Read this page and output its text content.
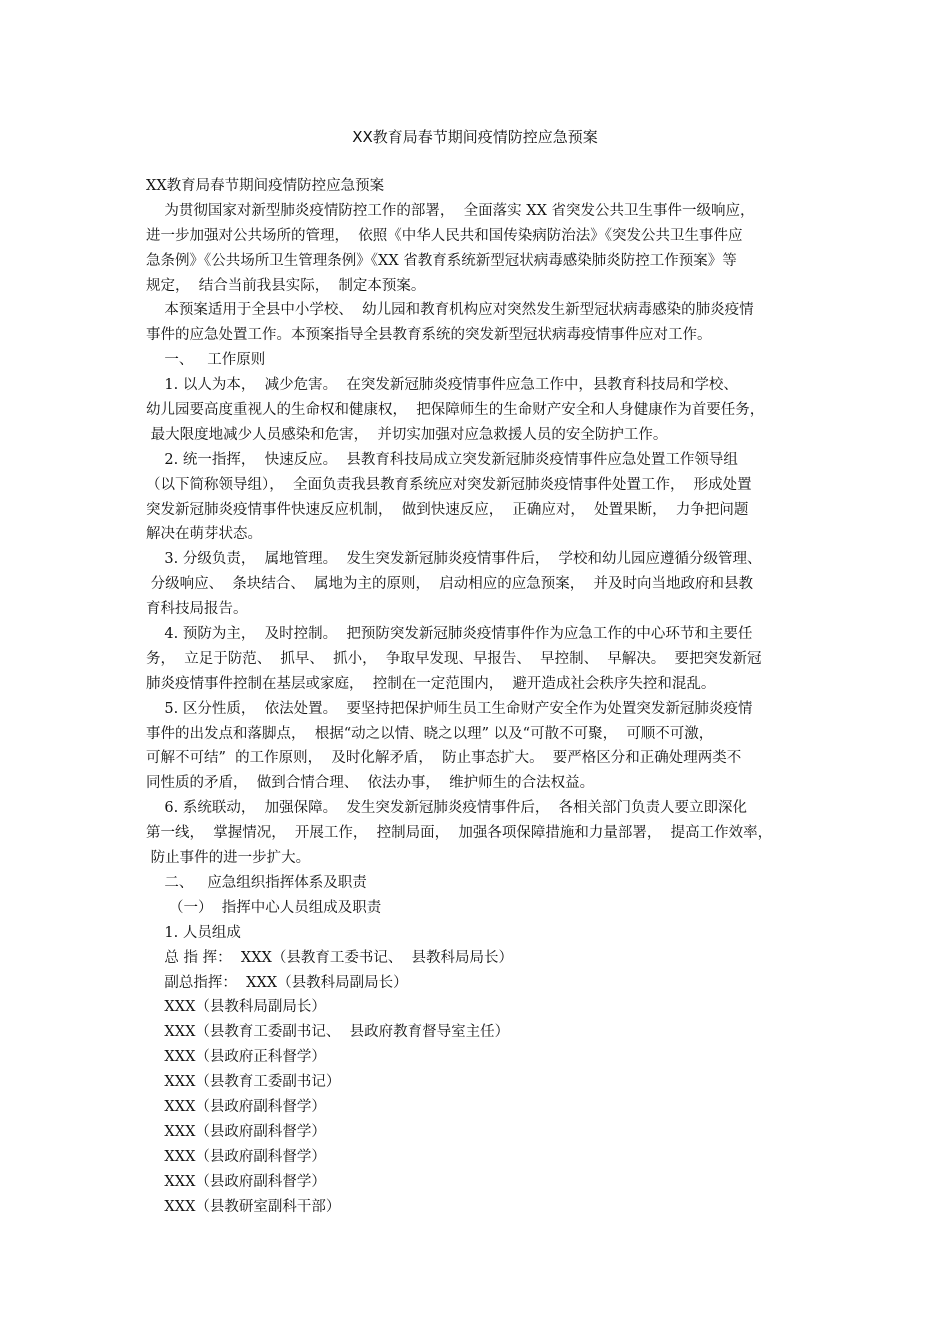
XX教育局春节期间疫情防控应急预案
XX教育局春节期间疫情防控应急预案
为贯彻国家对新型肺炎疫情防控工作的部署，  全面落实 XX 省突发公共卫生事件一级响应，
进一步加强对公共场所的管理，  依照《中华人民共和国传染病防治法》《突发公共卫生事件应
急条例》《公共场所卫生管理条例》《XX 省教育系统新型冠状病毒感染肺炎防控工作预案》等
规定，  结合当前我县实际，  制定本预案。
本预案适用于全县中小学校、  幼儿园和教育机构应对突然发生新型冠状病毒感染的肺炎疫情
事件的应急处置工作。本预案指导全县教育系统的突发新型冠状病毒疫情事件应对工作。
一、   工作原则
1. 以人为本，  减少危害。  在突发新冠肺炎疫情事件应急工作中，县教育科技局和学校、
幼儿园要高度重视人的生命权和健康权，  把保障师生的生命财产安全和人身健康作为首要任务，
最大限度地减少人员感染和危害，  并切实加强对应急救援人员的安全防护工作。
2. 统一指挥，  快速反应。  县教育科技局成立突发新冠肺炎疫情事件应急处置工作领导组
（以下简称领导组），  全面负责我县教育系统应对突发新冠肺炎疫情事件处置工作，  形成处置
突发新冠肺炎疫情事件快速反应机制，  做到快速反应，  正确应对，  处置果断，  力争把问题
解决在萌芽状态。
3. 分级负责，  属地管理。  发生突发新冠肺炎疫情事件后，  学校和幼儿园应遵循分级管理、
分级响应、  条块结合、  属地为主的原则，  启动相应的应急预案，  并及时向当地政府和县教
育科技局报告。
4. 预防为主，  及时控制。  把预防突发新冠肺炎疫情事件作为应急工作的中心环节和主要任
务，  立足于防范、  抓早、  抓小，  争取早发现、早报告、  早控制、  早解决。  要把突发新冠
肺炎疫情事件控制在基层或家庭，  控制在一定范围内，  避开造成社会秩序失控和混乱。
5. 区分性质，  依法处置。  要坚持把保护师生员工生命财产安全作为处置突发新冠肺炎疫情
事件的出发点和落脚点，  根据“动之以情、晓之以理” 以及“可散不可聚，  可顺不可激，
可解不可结”  的工作原则，  及时化解矛盾，  防止事态扩大。  要严格区分和正确处理两类不
同性质的矛盾，  做到合情合理、  依法办事，  维护师生的合法权益。
6. 系统联动，  加强保障。  发生突发新冠肺炎疫情事件后，  各相关部门负责人要立即深化
第一线，  掌握情况，  开展工作，  控制局面，  加强各项保障措施和力量部署，  提高工作效率，
防止事件的进一步扩大。
二、   应急组织指挥体系及职责
（一）  指挥中心人员组成及职责
1. 人员组成
总 指 挥：  XXX（县教育工委书记、  县教科局局长）
副总指挥：  XXX（县教科局副局长）
XXX（县教科局副局长）
XXX（县教育工委副书记、  县政府教育督导室主任）
XXX（县政府正科督学）
XXX（县教育工委副书记）
XXX（县政府副科督学）
XXX（县政府副科督学）
XXX（县政府副科督学）
XXX（县政府副科督学）
XXX（县教研室副科干部）
